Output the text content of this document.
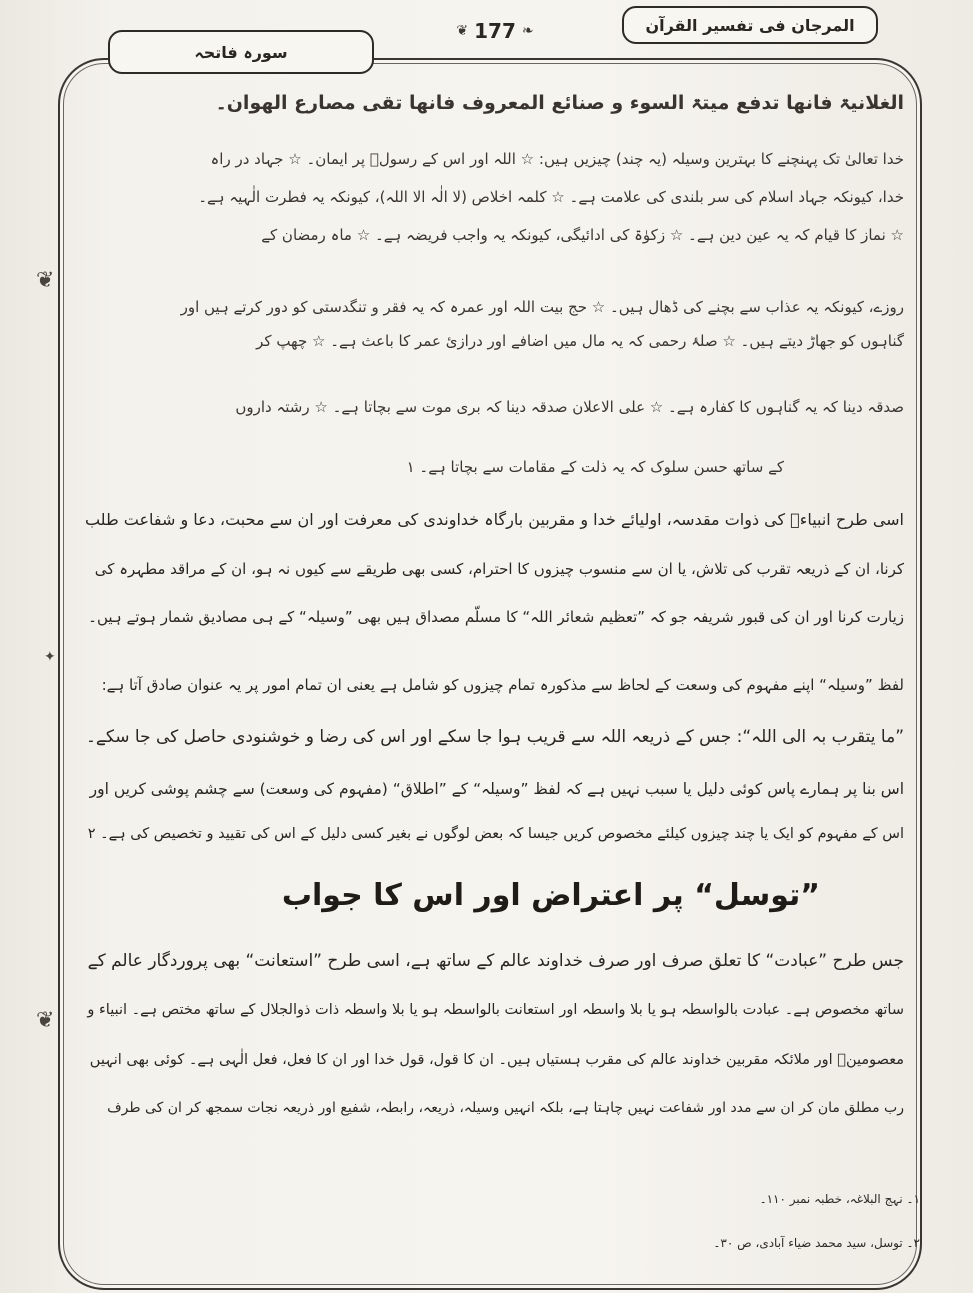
سورہ فاتحہ
❦ 177 ❧	المرجان فی تفسیر القرآن
❦
✦
❦
الغلانیۃ فانھا تدفع میتۃ السوء و صنائع المعروف فانھا تقی مصارع الھوان۔
خدا تعالیٰ تک پہنچنے کا بہترین وسیلہ (یہ چند) چیزیں ہیں: ☆ اللہ اور اس کے رسولؐ پر ایمان۔ ☆ جہاد در راہ
خدا، کیونکہ جہاد اسلام کی سر بلندی کی علامت ہے۔ ☆ کلمہ اخلاص (لا الٰہ الا اللہ)، کیونکہ یہ فطرت الٰہیہ ہے۔
☆ نماز کا قیام کہ یہ عین دین ہے۔ ☆ زکوٰۃ کی ادائیگی، کیونکہ یہ واجب فریضہ ہے۔ ☆ ماہ رمضان کے
روزے، کیونکہ یہ عذاب سے بچنے کی ڈھال ہیں۔ ☆ حج بیت اللہ اور عمرہ کہ یہ فقر و تنگدستی کو دور کرتے ہیں اور
گناہوں کو جھاڑ دیتے ہیں۔ ☆ صلۂ رحمی کہ یہ مال میں اضافے اور درازیٔ عمر کا باعث ہے۔ ☆ چھپ کر
صدقہ دینا کہ یہ گناہوں کا کفارہ ہے۔ ☆ علی الاعلان صدقہ دینا کہ بری موت سے بچاتا ہے۔ ☆ رشتہ داروں
کے ساتھ حسن سلوک کہ یہ ذلت کے مقامات سے بچاتا ہے۔ ۱
اسی طرح انبیاءؑ کی ذوات مقدسہ، اولیائے خدا و مقربین بارگاہ خداوندی کی معرفت اور ان سے محبت، دعا و شفاعت طلب
کرنا، ان کے ذریعہ تقرب کی تلاش، یا ان سے منسوب چیزوں کا احترام، کسی بھی طریقے سے کیوں نہ ہو، ان کے مراقد مطہرہ کی
زیارت کرنا اور ان کی قبور شریفہ جو کہ ”تعظیم شعائر اللہ“ کا مسلّم مصداق ہیں بھی ”وسیلہ“ کے ہی مصادیق شمار ہوتے ہیں۔
لفظ ”وسیلہ“ اپنے مفہوم کی وسعت کے لحاظ سے مذکورہ تمام چیزوں کو شامل ہے یعنی ان تمام امور پر یہ عنوان صادق آتا ہے:
”ما یتقرب بہ الی اللہ“: جس کے ذریعہ اللہ سے قریب ہوا جا سکے اور اس کی رضا و خوشنودی حاصل کی جا سکے۔
اس بنا پر ہمارے پاس کوئی دلیل یا سبب نہیں ہے کہ لفظ ”وسیلہ“ کے ”اطلاق“ (مفہوم کی وسعت) سے چشم پوشی کریں اور
اس کے مفہوم کو ایک یا چند چیزوں کیلئے مخصوص کریں جیسا کہ بعض لوگوں نے بغیر کسی دلیل کے اس کی تقیید و تخصیص کی ہے۔ ۲
”توسل“ پر اعتراض اور اس کا جواب
جس طرح ”عبادت“ کا تعلق صرف اور صرف خداوند عالم کے ساتھ ہے، اسی طرح ”استعانت“ بھی پروردگار عالم کے
ساتھ مخصوص ہے۔ عبادت بالواسطہ ہو یا بلا واسطہ اور استعانت بالواسطہ ہو یا بلا واسطہ ذات ذوالجلال کے ساتھ مختص ہے۔ انبیاء و
معصومینؑ اور ملائکہ مقربین خداوند عالم کی مقرب ہستیاں ہیں۔ ان کا قول، قول خدا اور ان کا فعل، فعل الٰہی ہے۔ کوئی بھی انہیں
رب مطلق مان کر ان سے مدد اور شفاعت نہیں چاہتا ہے، بلکہ انہیں وسیلہ، ذریعہ، رابطہ، شفیع اور ذریعہ نجات سمجھ کر ان کی طرف
۱۔ نہج البلاغہ، خطبہ نمبر ۱۱۰۔
۲۔ توسل، سید محمد ضیاء آبادی، ص ۳۰۔
